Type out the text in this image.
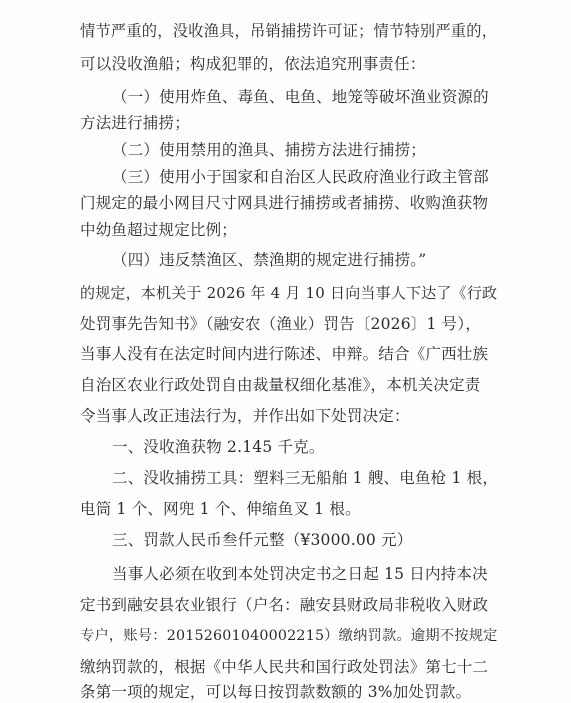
情节严重的，没收渔具，吊销捕捞许可证；情节特别严重的，
可以没收渔船；构成犯罪的，依法追究刑事责任：
（一）使用炸鱼、毒鱼、电鱼、地笼等破坏渔业资源的
方法进行捕捞；
（二）使用禁用的渔具、捕捞方法进行捕捞；
（三）使用小于国家和自治区人民政府渔业行政主管部
门规定的最小网目尺寸网具进行捕捞或者捕捞、收购渔获物
中幼鱼超过规定比例；
（四）违反禁渔区、禁渔期的规定进行捕捞。”
的规定，本机关于 2026 年 4 月 10 日向当事人下达了《行政
处罚事先告知书》（融安农（渔业）罚告〔2026〕1 号），
当事人没有在法定时间内进行陈述、申辩。结合《广西壮族
自治区农业行政处罚自由裁量权细化基准》，本机关决定责
令当事人改正违法行为，并作出如下处罚决定：
一、没收渔获物 2.145 千克。
二、没收捕捞工具：塑料三无船舶 1 艘、电鱼枪 1 根，
电筒 1 个、网兜 1 个、伸缩鱼叉 1 根。
三、罚款人民币叁仟元整（¥3000.00 元）
当事人必须在收到本处罚决定书之日起 15 日内持本决
定书到融安县农业银行（户名：融安县财政局非税收入财政
专户，账号：20152601040002215）缴纳罚款。逾期不按规定
缴纳罚款的，根据《中华人民共和国行政处罚法》第七十二
条第一项的规定，可以每日按罚款数额的 3%加处罚款。
